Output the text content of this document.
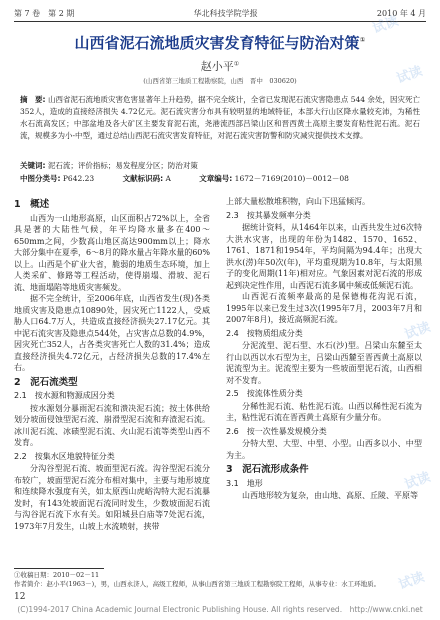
第 7 卷　第 2 期	华北科技学院学报	2010 年 4 月
山西省泥石流地质灾害发育特征与防治对策①
赵小平①
(山西省第三地质工程勘察院，山西　晋中　030620)
摘　要: 山西省泥石流地质灾害危害显著年上升趋势，据不完全统计，全省已发现泥石流灾害隐患点 544 余处，因灾死亡 352人，造成的直接经济损失 4.72亿元。泥石流灾害分布具有较明显的地域特征，本部大行山区降水量较充沛，为稀性水石流高发区；中部盆地及各大矿区主要发育泥石流，尧港流西部吕梁山区和晋西黄土高原主要发育粘性泥石流。泥石流，规模多为小-中型，通过总结山西泥石流灾害发育特征，对泥石流灾害防警和防灾减灾提供技术支撑。
关键词: 泥石流；评价指标；易发程度分区；防治对策
中图分类号: P642.23	文献标识码: A	文章编号: 1672－7169(2010)－0012－08

1　概述

山西为一山地形高原，山区面积占72%以上，全省具是著的大陆性气候，年平均降水量多在400～650mm之间，少数高山地区高达900mm以上；降水大部分集中在夏季，6～8月的降水量占年降水量的60%以上。山西是个矿业大省，脆弱的地质生态环境，加上人类采矿、修路等工程活动，使得崩塌、滑坡、泥石流、地面塌陷等地质灾害频发。

据不完全统计，至2006年底，山西省发生(现)各类地质灾害及隐患点10890处，因灾死亡1122人，受威胁人口64.7万人，共造成直接经济损失27.17亿元。其中泥石流灾害及隐患点544处，占灾害点总数的4.9%，因灾死亡352人，占各类灾害死亡人数的31.4%；造成直接经济损失4.72亿元，占经济损失总数的17.4%左右。

2　泥石流类型

2.1　按水源和物源成因分类

按水源划分暴雨泥石流和溃决泥石流；按土体供给划分坡面侵蚀型泥石流、崩滑型泥石流和弃渣泥石流。冰川泥石流、冰碛型泥石流、火山泥石流等类型山西不发育。

2.2　按集水区地貌特征分类

分沟谷型泥石流、坡面型泥石流。沟谷型泥石流分布较广，坡面型泥石流分布相对集中，主要与地形坡度和连续降水强度有关，如太原西山虎峪沟特大泥石流暴发时，有143处坡面泥石流同时发生，少数坡面泥石流与沟谷泥石流下水有关。如阳城县白庙等7处泥石流，1973年7月发生，山坡上水流喷射，挟带

上部大量松散堆积物，向山下迅猛倾泻。

2.3　按其暴发频率分类

据统计资料，从1464年以来，山西共发生过6次特大洪水灾害，出现的年份为1482、1570、1652、1761、1871和1954年，平均间隔为94.4年；出现大洪水(涝)年50次(年)，平均重现期为10.8年，与太阳黑子的变化周期(11年)相对应。气象因素对泥石流的形成起到决定性作用，山西泥石流多属中频或低频泥石流。

山西泥石流频率最高的是保德梅花沟泥石流，1995年以来已发生过3次(1995年7月，2003年7月和2007年8月)，接近高频泥石流。

2.4　按物质组成分类

分泥流型、泥石型、水石(沙)型。吕梁山东麓至太行山以西以水石型为主，吕梁山西麓至晋西黄土高原以泥流型为主。泥流型主要为一些坡面型泥石流，山西相对不发育。

2.5　按流体性质分类

分稀性泥石流、粘性泥石流。山西以稀性泥石流为主，粘性泥石流在晋西黄土高原有少量分布。

2.6　按一次性暴发规模分类

分特大型、大型、中型、小型。山西多以小、中型为主。

3　泥石流形成条件

3.1　地形

山西地形较为复杂，由山地、高原、丘陵、平原等

①收稿日期：2010－02－11
作者简介：赵小平(1963－)，男，山西永济人，高级工程师，从事山西省第三地质工程勘察院工程师，从事专业：水工环地质。
12
(C)1994-2017 China Academic Journal Electronic Publishing House. All rights reserved.　http://www.cnki.net
试读
试读
试读
试读
试读
